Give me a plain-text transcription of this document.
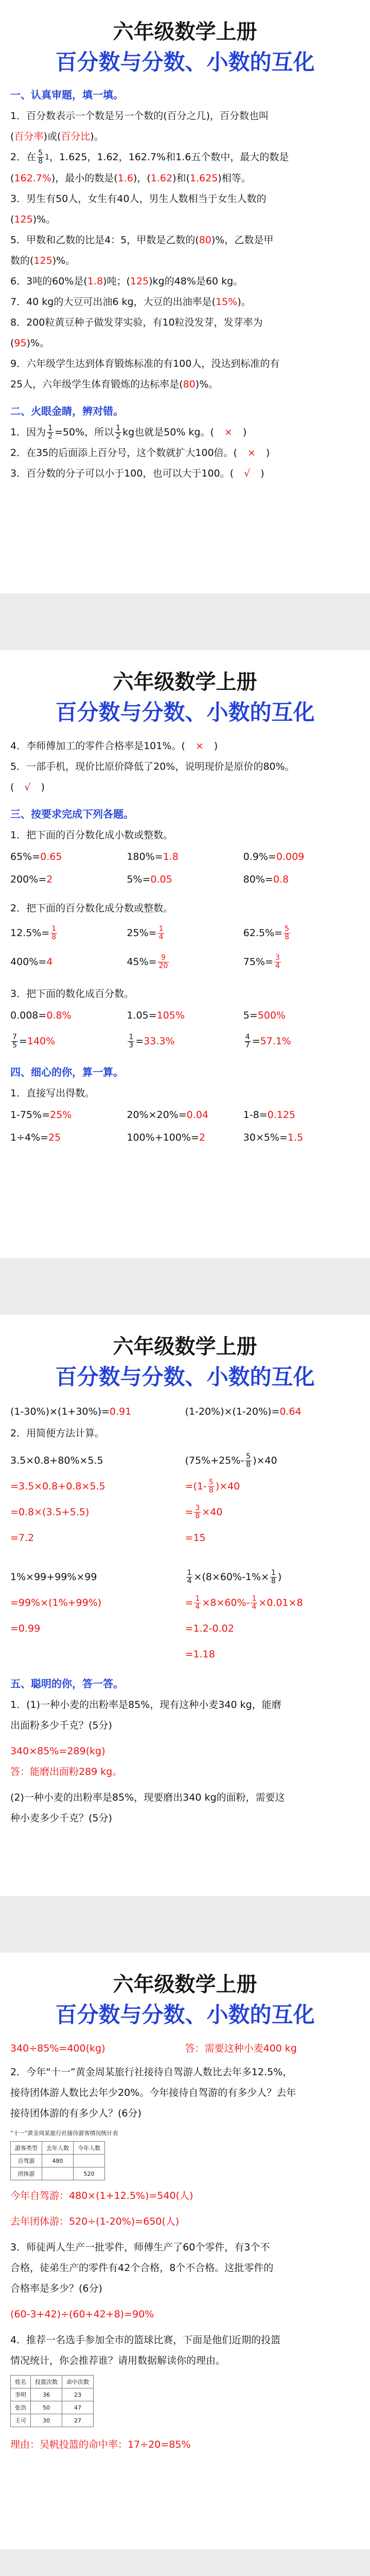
六年级数学上册
百分数与分数、小数的互化
一、认真审题，填一填。

1．百分数表示一个数是另一个数的(百分之几)，百分数也叫
(百分率)或(百分比)。

2．在 $\frac{5}{8} 1$，1.625，1.62，162.7%和1.6五个数中，最大的数是
(162.7%)，最小的数是(1.6)，(1.62)和(1.625)相等。

3．男生有50人，女生有40人，男生人数相当于女生人数的
(125)%。

5．甲数和乙数的比是4：5，甲数是乙数的(80)%，乙数是甲
数的(125)%。

6．3吨的60%是(1.8)吨；(125)kg的48%是60 kg。

7．40 kg的大豆可出油6 kg，大豆的出油率是(15%)。

8．200粒黄豆种子做发芽实验，有10粒没发芽，发芽率为
(95)%。

9．六年级学生达到体育锻炼标准的有100人，没达到标准的有
25人，六年级学生体育锻炼的达标率是(80)%。

二、火眼金睛，辨对错。

1．因为 $\frac{1}{2} =50\%$，所以 $\frac{1}{2}$ kg也就是50% kg。( × )

2．在35的后面添上百分号，这个数就扩大100倍。( × )

3．百分数的分子可以小于100，也可以大于100。( √ )

六年级数学上册
百分数与分数、小数的互化

4．李师傅加工的零件合格率是101%。( × )

5．一部手机，现价比原价降低了20%，说明现价是原价的80%。
( √ )

三、按要求完成下列各题。

1．把下面的百分数化成小数或整数。

65%=0.65	180%=1.8	0.9%=0.009
200%=2	5%=0.05	80%=0.8

2．把下面的百分数化成分数或整数。

$12.5\%= \frac{1}{8}$	$25\%= \frac{1}{4}$	$62.5\%= \frac{5}{8}$
400%=4	$45\%= \frac{9}{20}$	$75\%= \frac{3}{4}$

3．把下面的数化成百分数。

0.008=0.8%	1.05=105%	5=500%
$\frac{7}{5} =140\%$	$\frac{1}{3} =33.3\%$	$\frac{4}{7} =57.1\%$
四、细心的你，算一算。

1．直接写出得数。

1-75%=25%	20%×20%=0.04	1-8=0.125
1÷4%=25	100%+100%=2	30×5%=1.5
六年级数学上册
百分数与分数、小数的互化
(1-30%)×(1+30%)=0.91	(1-20%)×(1-20%)=0.64

2．用简便方法计算。

3.5×0.8+80%×5.5
=3.5×0.8+0.8×5.5
=0.8×(3.5+5.5)
=7.2
$(75\%+25\%- \frac{5}{8} )\times 40$
$=(1- \frac{5}{8} )\times 40$
= $\frac{3}{8} \times 40$
=15
1%×99+99%×99
=99%×(1%+99%)
=0.99
$\frac{1}{4} \times(8\times 60\%-1\%\times \frac{1}{8}$ )
= $\frac{1}{4} \times 8\times 60\%- \frac{1}{4} \times 0.01\times 8$
=1.2-0.02
=1.18
五、聪明的你，答一答。

1．(1)一种小麦的出粉率是85%，现有这种小麦340 kg，能磨
出面粉多少千克？(5分)

340×85%=289(kg)

答：能磨出面粉289 kg。

(2)一种小麦的出粉率是85%，现要磨出340 kg的面粉，需要这
种小麦多少千克？(5分)

六年级数学上册
百分数与分数、小数的互化
340÷85%=400(kg)	答：需要这种小麦400 kg

2．今年“十一”黄金周某旅行社接待自驾游人数比去年多12.5%，
接待团体游人数比去年少20%。今年接待自驾游的有多少人？去年
接待团体游的有多少人？(6分)

“十一”黄金周某旅行社接待游客情况统计表
游客类型	去年人数	今年人数
自驾游	480	
团体游		520

今年自驾游：480×(1+12.5%)=540(人)

去年团体游：520÷(1-20%)=650(人)

3．师徒两人生产一批零件，师傅生产了60个零件，有3个不
合格，徒弟生产的零件有42个合格，8个不合格。这批零件的
合格率是多少？(6分)

(60-3+42)÷(60+42+8)=90%

4．推荐一名选手参加全市的篮球比赛，下面是他们近期的投篮
情况统计，你会推荐谁？请用数据解读你的理由。

姓名	投篮次数	命中次数
李明	36	23
张浩	50	47
王可	30	27

理由：吴帆投篮的命中率：17÷20=85%
